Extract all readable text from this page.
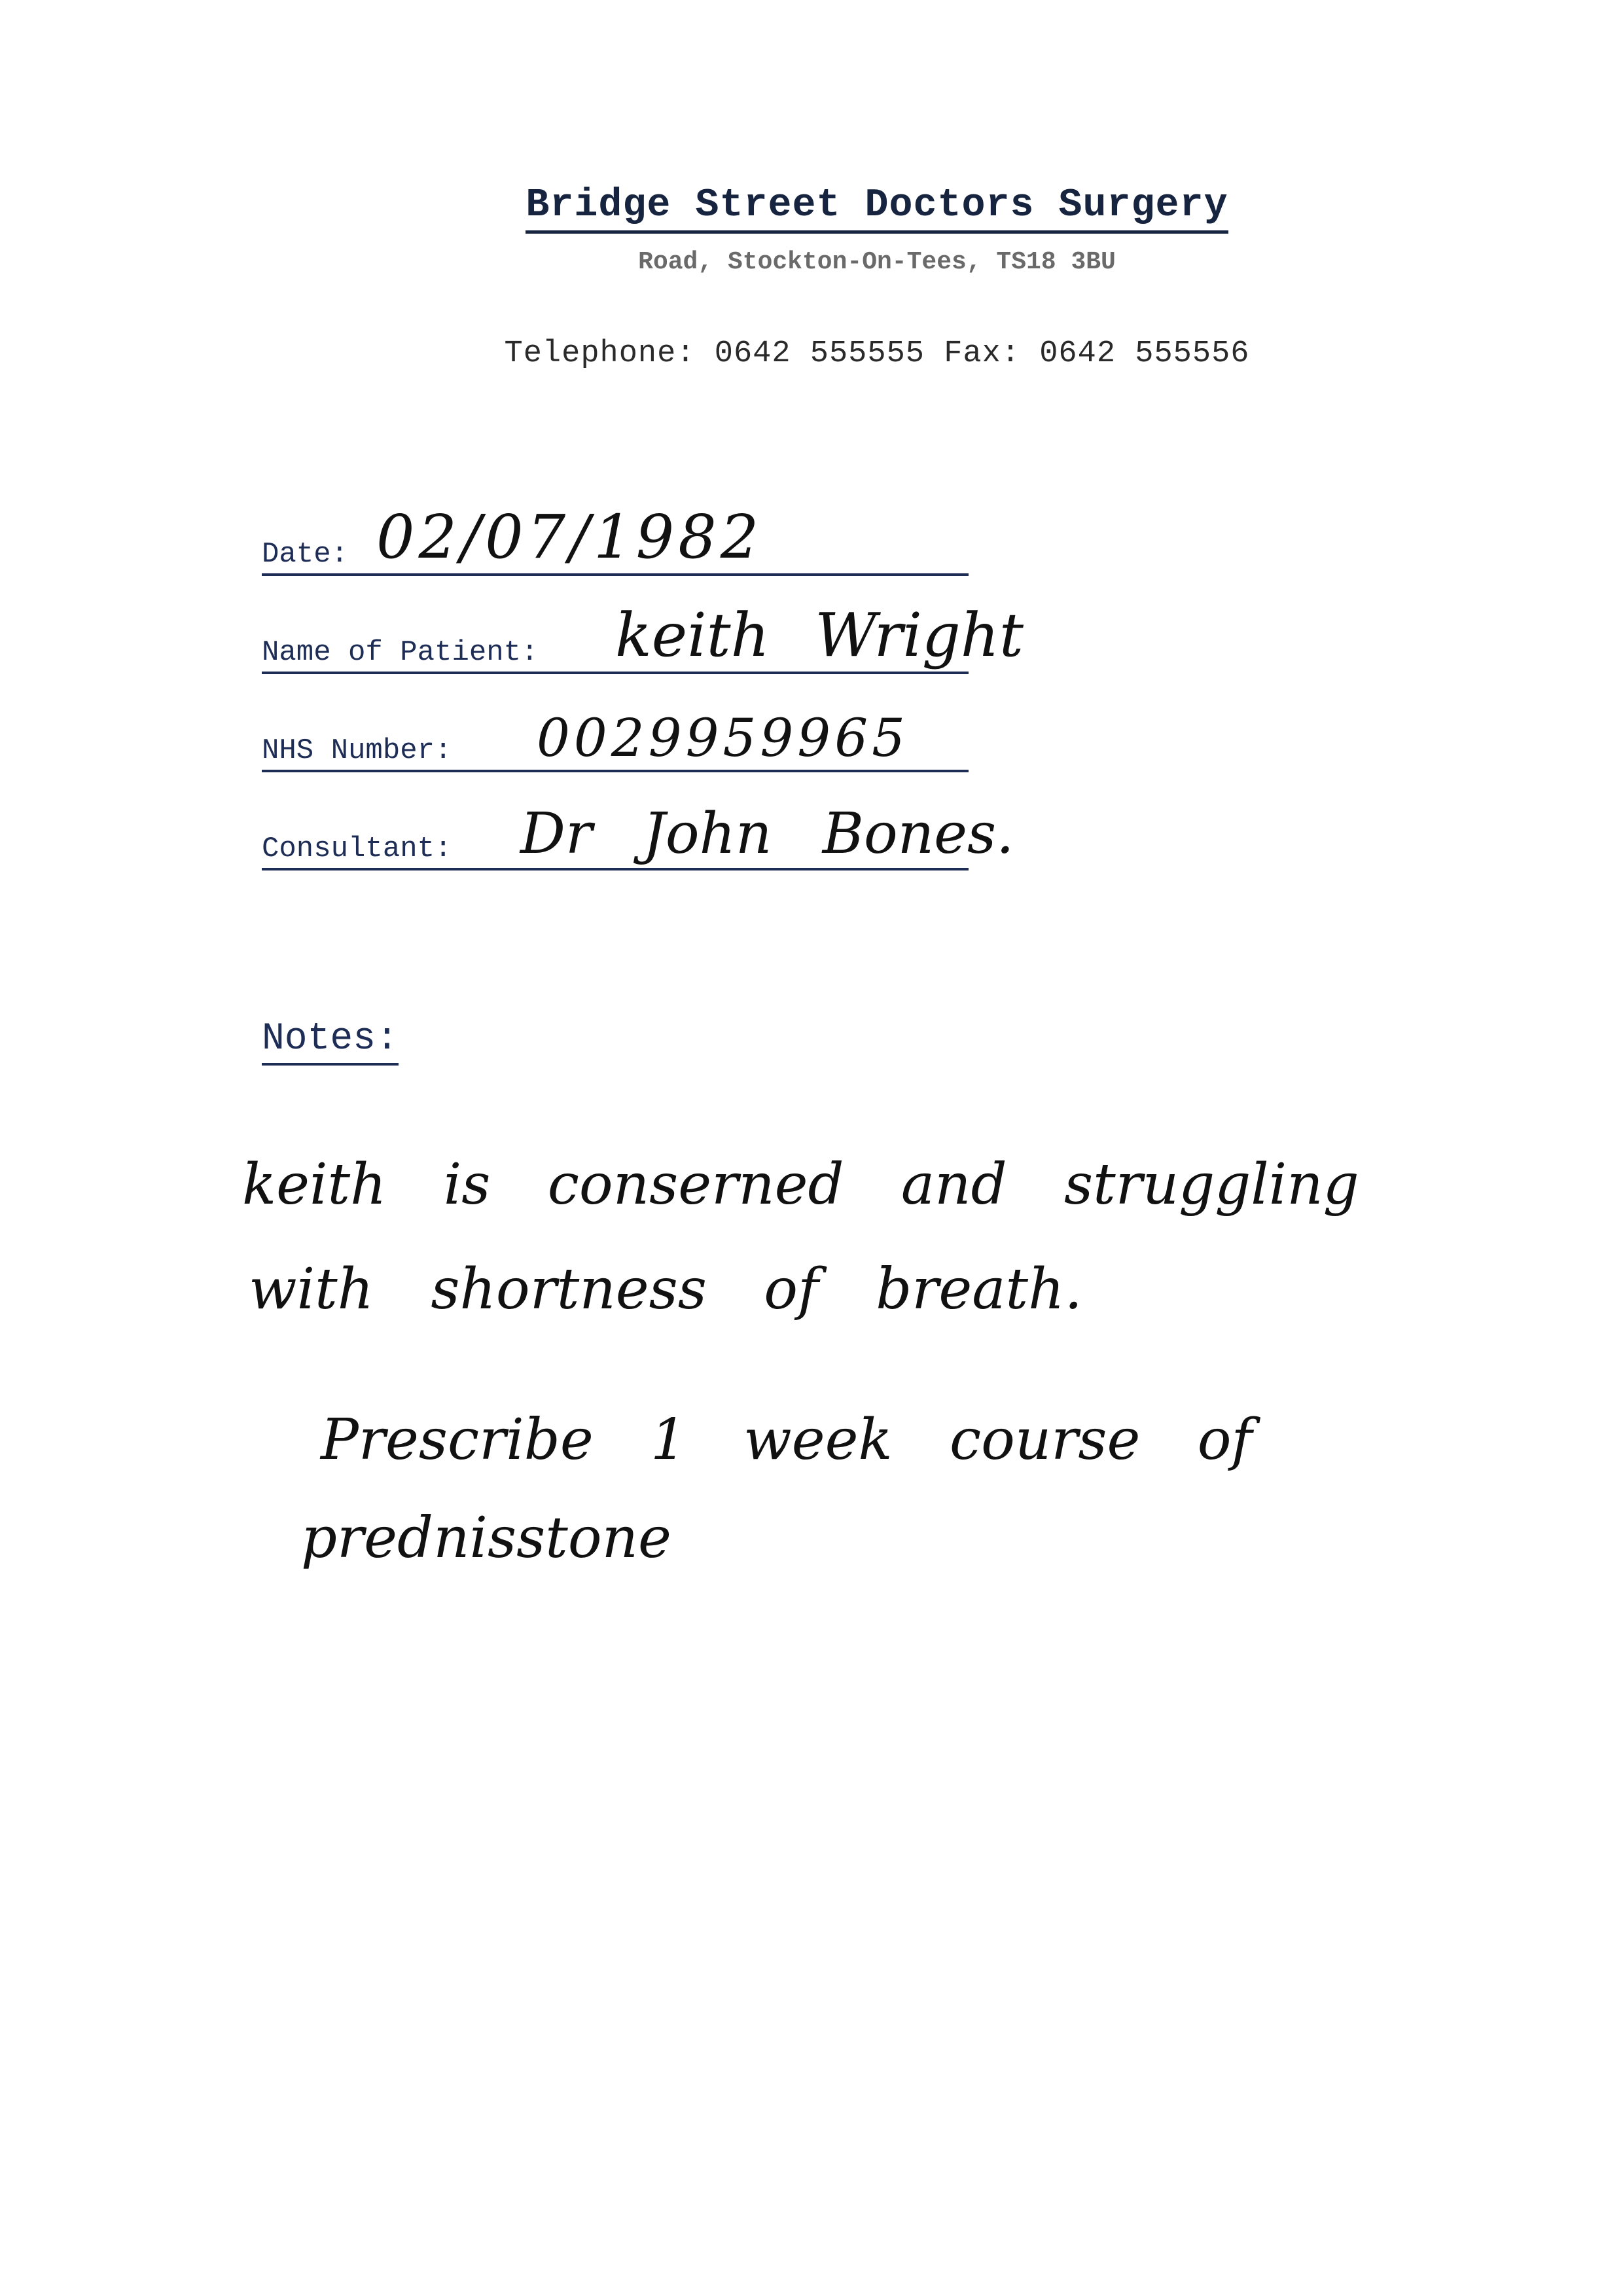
Bridge Street Doctors Surgery
Road, Stockton-On-Tees, TS18 3BU
Telephone: 0642 555555 Fax: 0642 555556
Date: 02/07/1982
Name of Patient: keith Wright
NHS Number: 0029959965
Consultant: Dr John Bones.
Notes:
keith is conserned and struggling
with shortness of breath.
Prescribe 1 week course of
prednisstone
